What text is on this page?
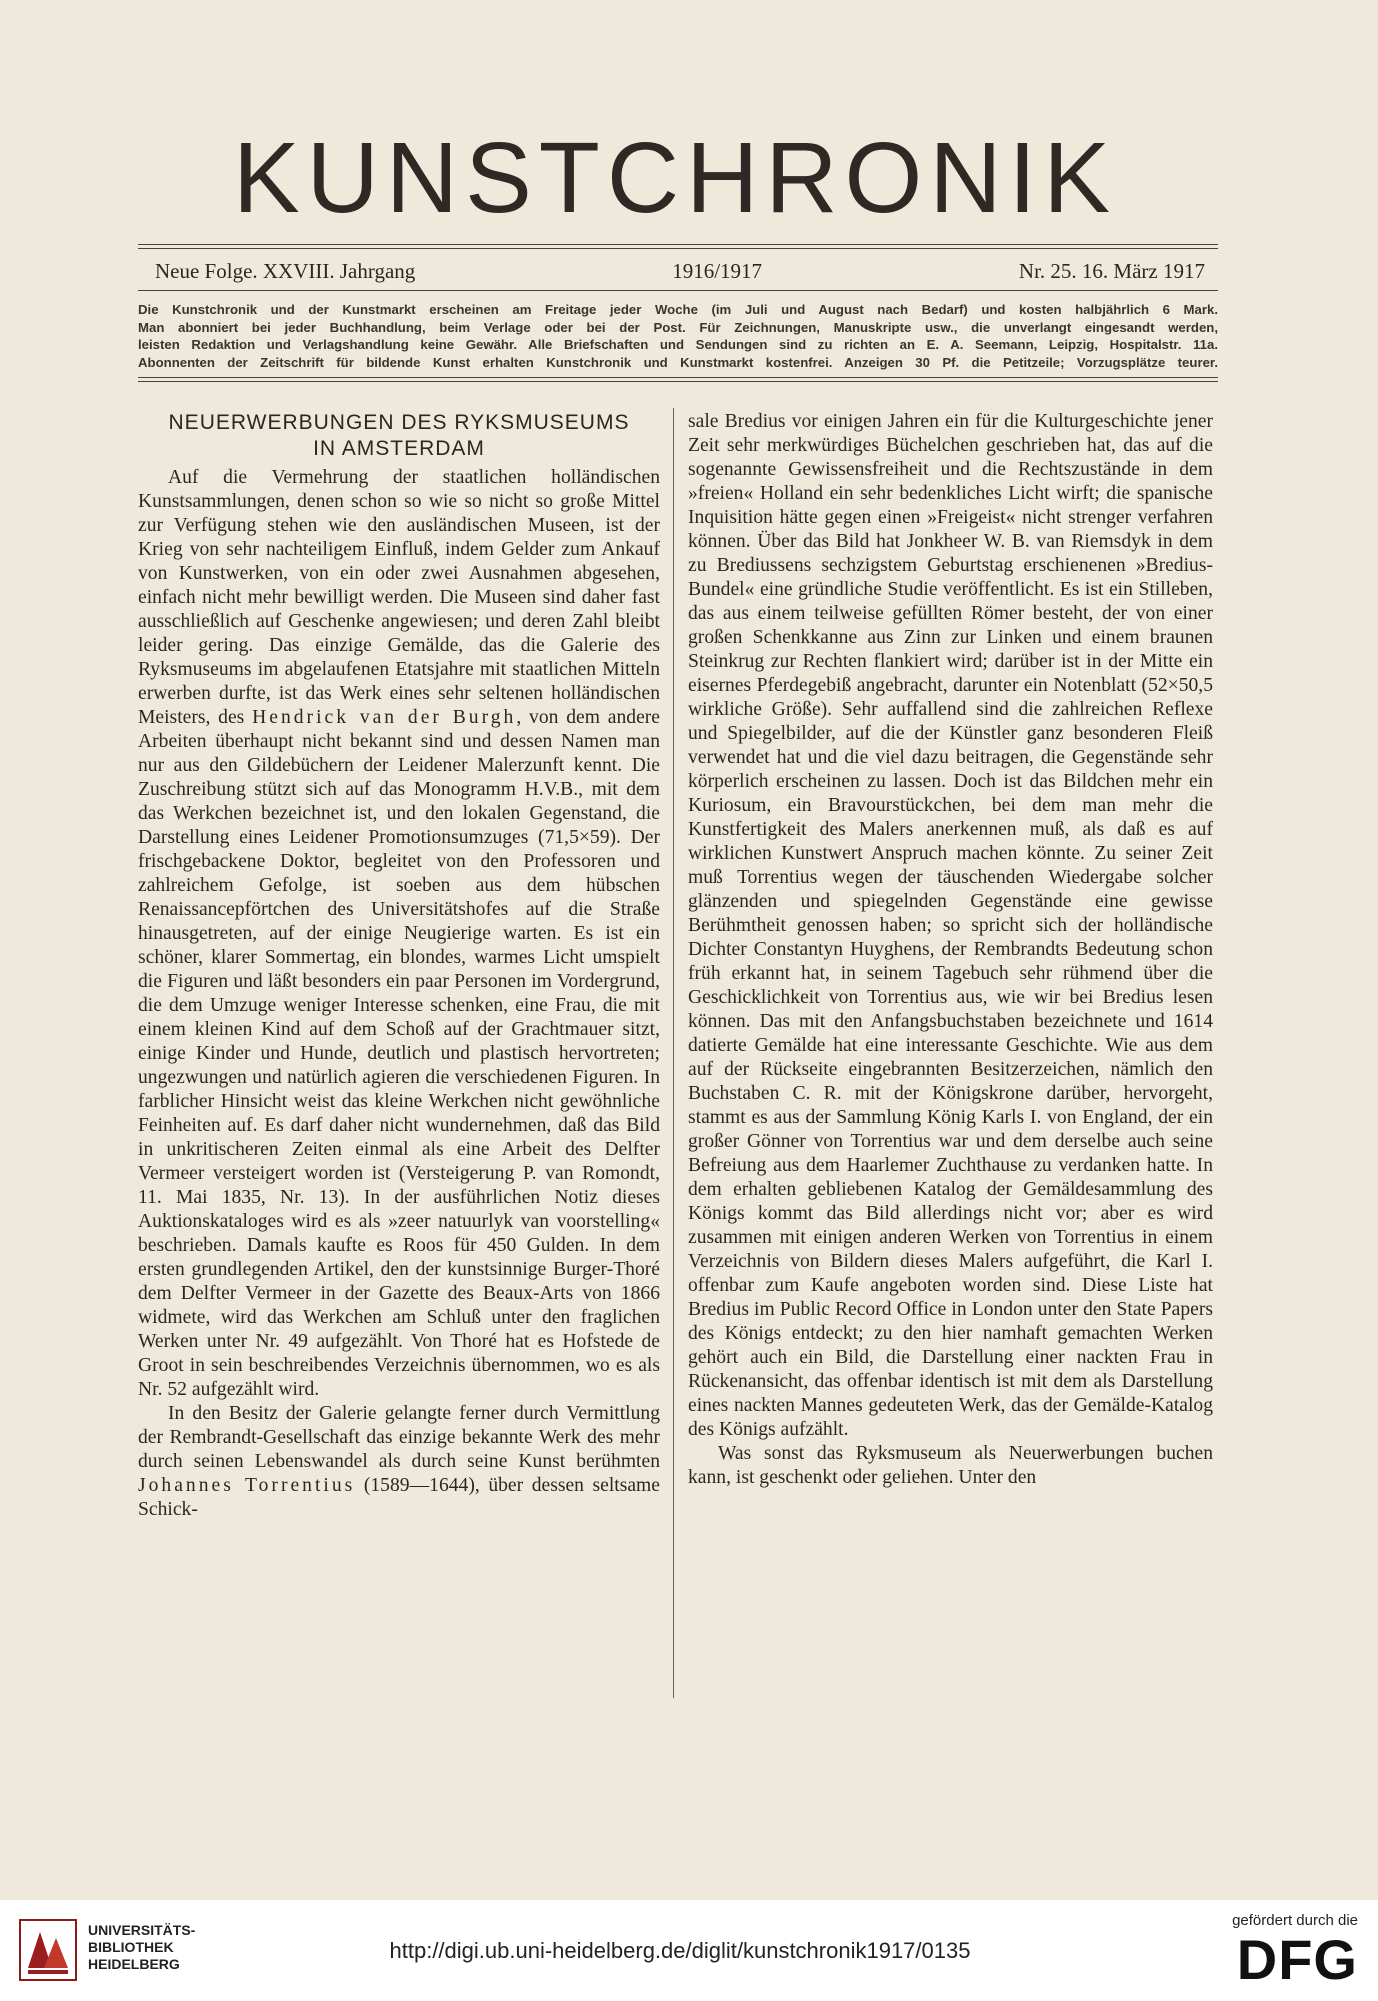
KUNSTCHRONIK
Neue Folge. XXVIII. Jahrgang	1916/1917	Nr. 25. 16. März 1917

Die Kunstchronik und der Kunstmarkt erscheinen am Freitage jeder Woche (im Juli und August nach Bedarf) und kosten halbjährlich 6 Mark.

Man abonniert bei jeder Buchhandlung, beim Verlage oder bei der Post. Für Zeichnungen, Manuskripte usw., die unverlangt eingesandt werden,

leisten Redaktion und Verlagshandlung keine Gewähr. Alle Briefschaften und Sendungen sind zu richten an E. A. Seemann, Leipzig, Hospitalstr. 11a.

Abonnenten der Zeitschrift für bildende Kunst erhalten Kunstchronik und Kunstmarkt kostenfrei. Anzeigen 30 Pf. die Petitzeile; Vorzugsplätze teurer.

NEUERWERBUNGEN DES RYKSMUSEUMS
IN AMSTERDAM

Auf die Vermehrung der staatlichen holländischen Kunstsammlungen, denen schon so wie so nicht so große Mittel zur Verfügung stehen wie den ausländischen Museen, ist der Krieg von sehr nachteiligem Einfluß, indem Gelder zum Ankauf von Kunstwerken, von ein oder zwei Ausnahmen abgesehen, einfach nicht mehr bewilligt werden. Die Museen sind daher fast ausschließlich auf Geschenke angewiesen; und deren Zahl bleibt leider gering. Das einzige Gemälde, das die Galerie des Ryksmuseums im abgelaufenen Etatsjahre mit staatlichen Mitteln erwerben durfte, ist das Werk eines sehr seltenen holländischen Meisters, des Hendrick van der Burgh, von dem andere Arbeiten überhaupt nicht bekannt sind und dessen Namen man nur aus den Gildebüchern der Leidener Malerzunft kennt. Die Zuschreibung stützt sich auf das Monogramm H.V.B., mit dem das Werkchen bezeichnet ist, und den lokalen Gegenstand, die Darstellung eines Leidener Promotionsumzuges (71,5×59). Der frischgebackene Doktor, begleitet von den Professoren und zahlreichem Gefolge, ist soeben aus dem hübschen Renaissancepförtchen des Universitätshofes auf die Straße hinausgetreten, auf der einige Neugierige warten. Es ist ein schöner, klarer Sommertag, ein blondes, warmes Licht umspielt die Figuren und läßt besonders ein paar Personen im Vordergrund, die dem Umzuge weniger Interesse schenken, eine Frau, die mit einem kleinen Kind auf dem Schoß auf der Grachtmauer sitzt, einige Kinder und Hunde, deutlich und plastisch hervortreten; ungezwungen und natürlich agieren die verschiedenen Figuren. In farblicher Hinsicht weist das kleine Werkchen nicht gewöhnliche Feinheiten auf. Es darf daher nicht wundernehmen, daß das Bild in unkritischeren Zeiten einmal als eine Arbeit des Delfter Vermeer versteigert worden ist (Versteigerung P. van Romondt, 11. Mai 1835, Nr. 13). In der ausführlichen Notiz dieses Auktionskataloges wird es als »zeer natuurlyk van voorstelling« beschrieben. Damals kaufte es Roos für 450 Gulden. In dem ersten grundlegenden Artikel, den der kunstsinnige Burger-Thoré dem Delfter Vermeer in der Gazette des Beaux-Arts von 1866 widmete, wird das Werkchen am Schluß unter den fraglichen Werken unter Nr. 49 aufgezählt. Von Thoré hat es Hofstede de Groot in sein beschreibendes Verzeichnis übernommen, wo es als Nr. 52 aufgezählt wird.

In den Besitz der Galerie gelangte ferner durch Vermittlung der Rembrandt-Gesellschaft das einzige bekannte Werk des mehr durch seinen Lebenswandel als durch seine Kunst berühmten Johannes Torrentius (1589—1644), über dessen seltsame Schick-

sale Bredius vor einigen Jahren ein für die Kulturgeschichte jener Zeit sehr merkwürdiges Büchelchen geschrieben hat, das auf die sogenannte Gewissensfreiheit und die Rechtszustände in dem »freien« Holland ein sehr bedenkliches Licht wirft; die spanische Inquisition hätte gegen einen »Freigeist« nicht strenger verfahren können. Über das Bild hat Jonkheer W. B. van Riemsdyk in dem zu Brediussens sechzigstem Geburtstag erschienenen »Bredius-Bundel« eine gründliche Studie veröffentlicht. Es ist ein Stilleben, das aus einem teilweise gefüllten Römer besteht, der von einer großen Schenkkanne aus Zinn zur Linken und einem braunen Steinkrug zur Rechten flankiert wird; darüber ist in der Mitte ein eisernes Pferdegebiß angebracht, darunter ein Notenblatt (52×50,5 wirkliche Größe). Sehr auffallend sind die zahlreichen Reflexe und Spiegelbilder, auf die der Künstler ganz besonderen Fleiß verwendet hat und die viel dazu beitragen, die Gegenstände sehr körperlich erscheinen zu lassen. Doch ist das Bildchen mehr ein Kuriosum, ein Bravourstückchen, bei dem man mehr die Kunstfertigkeit des Malers anerkennen muß, als daß es auf wirklichen Kunstwert Anspruch machen könnte. Zu seiner Zeit muß Torrentius wegen der täuschenden Wiedergabe solcher glänzenden und spiegelnden Gegenstände eine gewisse Berühmtheit genossen haben; so spricht sich der holländische Dichter Constantyn Huyghens, der Rembrandts Bedeutung schon früh erkannt hat, in seinem Tagebuch sehr rühmend über die Geschicklichkeit von Torrentius aus, wie wir bei Bredius lesen können. Das mit den Anfangsbuchstaben bezeichnete und 1614 datierte Gemälde hat eine interessante Geschichte. Wie aus dem auf der Rückseite eingebrannten Besitzerzeichen, nämlich den Buchstaben C. R. mit der Königskrone darüber, hervorgeht, stammt es aus der Sammlung König Karls I. von England, der ein großer Gönner von Torrentius war und dem derselbe auch seine Befreiung aus dem Haarlemer Zuchthause zu verdanken hatte. In dem erhalten gebliebenen Katalog der Gemäldesammlung des Königs kommt das Bild allerdings nicht vor; aber es wird zusammen mit einigen anderen Werken von Torrentius in einem Verzeichnis von Bildern dieses Malers aufgeführt, die Karl I. offenbar zum Kaufe angeboten worden sind. Diese Liste hat Bredius im Public Record Office in London unter den State Papers des Königs entdeckt; zu den hier namhaft gemachten Werken gehört auch ein Bild, die Darstellung einer nackten Frau in Rückenansicht, das offenbar identisch ist mit dem als Darstellung eines nackten Mannes gedeuteten Werk, das der Gemälde-Katalog des Königs aufzählt.

Was sonst das Ryksmuseum als Neuerwerbungen buchen kann, ist geschenkt oder geliehen. Unter den

UNIVERSITÄTS-
BIBLIOTHEK
HEIDELBERG
http://digi.ub.uni-heidelberg.de/diglit/kunstchronik1917/0135
gefördert durch die
DFG
